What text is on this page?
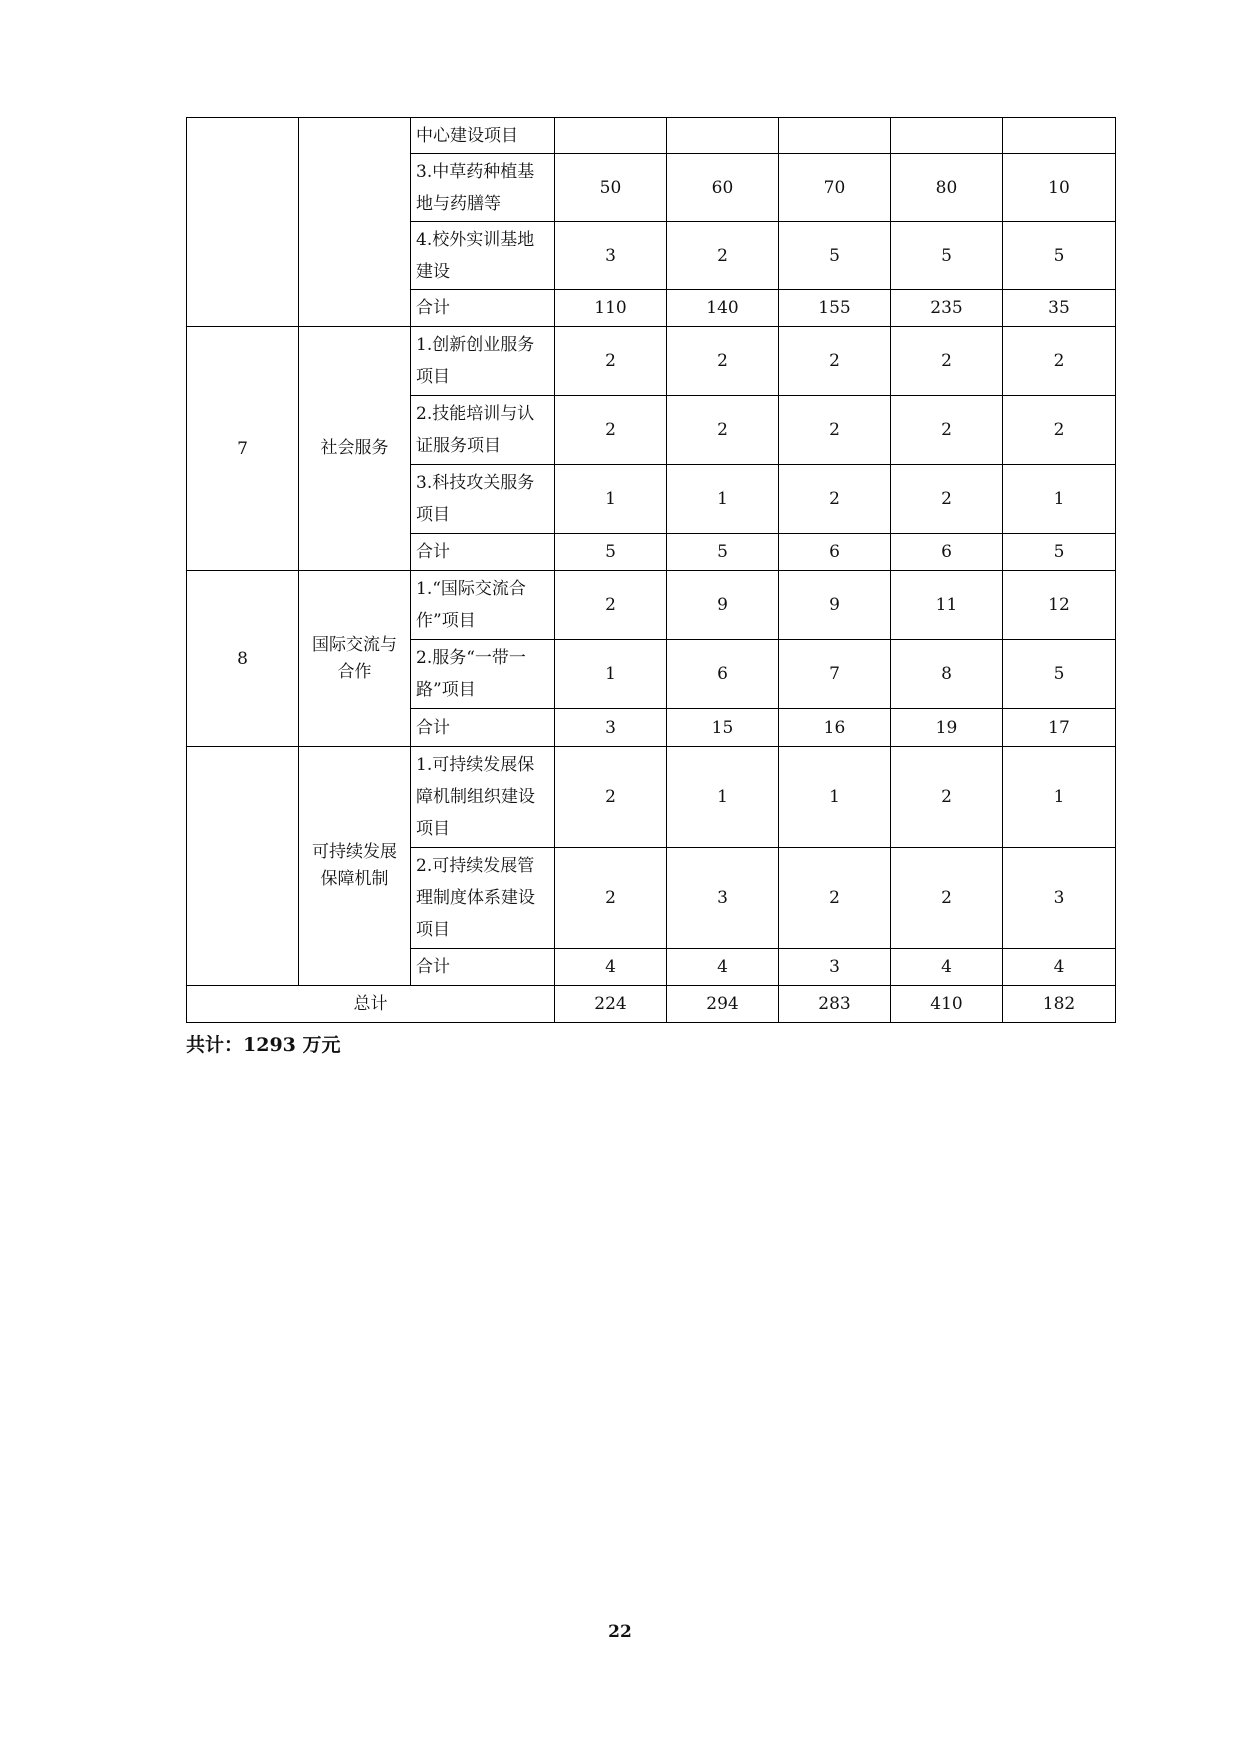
		中心建设项目					
		3.中草药种植基地与药膳等	50	60	70	80	10
		4.校外实训基地建设	3	2	5	5	5
		合计	110	140	155	235	35
7	社会服务	1.创新创业服务项目	2	2	2	2	2
		2.技能培训与认证服务项目	2	2	2	2	2
		3.科技攻关服务项目	1	1	2	2	1
		合计	5	5	6	6	5
8	国际交流与合作	1.“国际交流合作”项目	2	9	9	11	12
		2.服务“一带一路”项目	1	6	7	8	5
		合计	3	15	16	19	17
	可持续发展保障机制	1.可持续发展保障机制组织建设项目	2	1	1	2	1
		2.可持续发展管理制度体系建设项目	2	3	2	2	3
		合计	4	4	3	4	4
总计			224	294	283	410	182
共计：1293 万元
22
